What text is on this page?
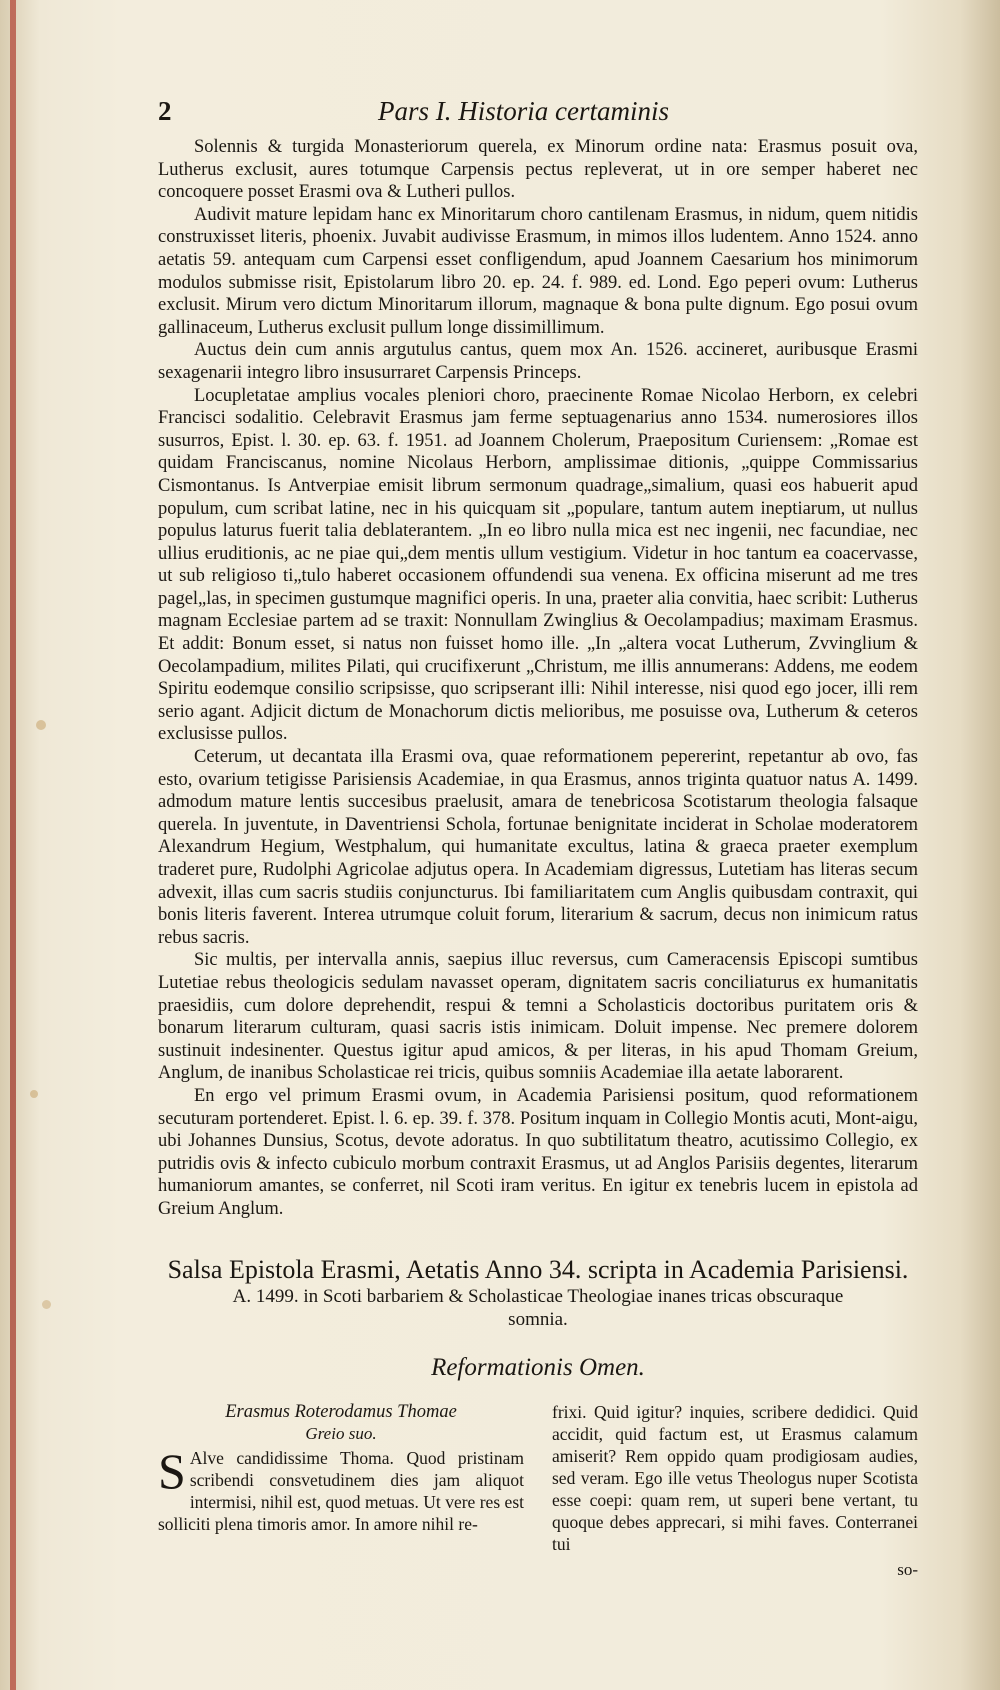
2	Pars I. Historia certaminis

Solennis & turgida Monasteriorum querela, ex Minorum ordine nata: Erasmus posuit ova, Lutherus exclusit, aures totumque Carpensis pectus repleverat, ut in ore semper haberet nec concoquere posset Erasmi ova & Lutheri pullos.

Audivit mature lepidam hanc ex Minoritarum choro cantilenam Erasmus, in nidum, quem nitidis construxisset literis, phoenix. Juvabit audivisse Erasmum, in mimos illos ludentem. Anno 1524. anno aetatis 59. antequam cum Carpensi esset confligendum, apud Joannem Caesarium hos minimorum modulos submisse risit, Epistolarum libro 20. ep. 24. f. 989. ed. Lond. Ego peperi ovum: Lutherus exclusit. Mirum vero dictum Minoritarum illorum, magnaque & bona pulte dignum. Ego posui ovum gallinaceum, Lutherus exclusit pullum longe dissimillimum.

Auctus dein cum annis argutulus cantus, quem mox An. 1526. accineret, auribusque Erasmi sexagenarii integro libro insusurraret Carpensis Princeps.

Locupletatae amplius vocales pleniori choro, praecinente Romae Nicolao Herborn, ex celebri Francisci sodalitio. Celebravit Erasmus jam ferme septuagenarius anno 1534. numerosiores illos susurros, Epist. l. 30. ep. 63. f. 1951. ad Joannem Cholerum, Praepositum Curiensem: „Romae est quidam Franciscanus, nomine Nicolaus Herborn, amplissimae ditionis, „quippe Commissarius Cismontanus. Is Antverpiae emisit librum sermonum quadrage„simalium, quasi eos habuerit apud populum, cum scribat latine, nec in his quicquam sit „populare, tantum autem ineptiarum, ut nullus populus laturus fuerit talia deblaterantem. „In eo libro nulla mica est nec ingenii, nec facundiae, nec ullius eruditionis, ac ne piae qui„dem mentis ullum vestigium. Videtur in hoc tantum ea coacervasse, ut sub religioso ti„tulo haberet occasionem offundendi sua venena. Ex officina miserunt ad me tres pagel„las, in specimen gustumque magnifici operis. In una, praeter alia convitia, haec scribit: Lutherus magnam Ecclesiae partem ad se traxit: Nonnullam Zwinglius & Oecolampadius; maximam Erasmus. Et addit: Bonum esset, si natus non fuisset homo ille. „In „altera vocat Lutherum, Zvvinglium & Oecolampadium, milites Pilati, qui crucifixerunt „Christum, me illis annumerans: Addens, me eodem Spiritu eodemque consilio scripsisse, quo scripserant illi: Nihil interesse, nisi quod ego jocer, illi rem serio agant. Adjicit dictum de Monachorum dictis melioribus, me posuisse ova, Lutherum & ceteros exclusisse pullos.

Ceterum, ut decantata illa Erasmi ova, quae reformationem pepererint, repetantur ab ovo, fas esto, ovarium tetigisse Parisiensis Academiae, in qua Erasmus, annos triginta quatuor natus A. 1499. admodum mature lentis succesibus praelusit, amara de tenebricosa Scotistarum theologia falsaque querela. In juventute, in Daventriensi Schola, fortunae benignitate inciderat in Scholae moderatorem Alexandrum Hegium, Westphalum, qui humanitate excultus, latina & graeca praeter exemplum traderet pure, Rudolphi Agricolae adjutus opera. In Academiam digressus, Lutetiam has literas secum advexit, illas cum sacris studiis conjuncturus. Ibi familiaritatem cum Anglis quibusdam contraxit, qui bonis literis faverent. Interea utrumque coluit forum, literarium & sacrum, decus non inimicum ratus rebus sacris.

Sic multis, per intervalla annis, saepius illuc reversus, cum Cameracensis Episcopi sumtibus Lutetiae rebus theologicis sedulam navasset operam, dignitatem sacris conciliaturus ex humanitatis praesidiis, cum dolore deprehendit, respui & temni a Scholasticis doctoribus puritatem oris & bonarum literarum culturam, quasi sacris istis inimicam. Doluit impense. Nec premere dolorem sustinuit indesinenter. Questus igitur apud amicos, & per literas, in his apud Thomam Greium, Anglum, de inanibus Scholasticae rei tricis, quibus somniis Academiae illa aetate laborarent.

En ergo vel primum Erasmi ovum, in Academia Parisiensi positum, quod reformationem secuturam portenderet. Epist. l. 6. ep. 39. f. 378. Positum inquam in Collegio Montis acuti, Mont-aigu, ubi Johannes Dunsius, Scotus, devote adoratus. In quo subtilitatum theatro, acutissimo Collegio, ex putridis ovis & infecto cubiculo morbum contraxit Erasmus, ut ad Anglos Parisiis degentes, literarum humaniorum amantes, se conferret, nil Scoti iram veritus. En igitur ex tenebris lucem in epistola ad Greium Anglum.

Salsa Epistola Erasmi, Aetatis Anno 34. scripta in Academia Parisiensi.
A. 1499. in Scoti barbariem & Scholasticae Theologiae inanes tricas obscuraque somnia.
Reformationis Omen.
Erasmus Roterodamus Thomae
Greio suo.
S Alve candidissime Thoma. Quod pristinam scribendi consvetudinem dies jam aliquot intermisi, nihil est, quod metuas. Ut vere res est solliciti plena timoris amor. In amore nihil re-
frixi. Quid igitur? inquies, scribere dedidici. Quid accidit, quid factum est, ut Erasmus calamum amiserit? Rem oppido quam prodigiosam audies, sed veram. Ego ille vetus Theologus nuper Scotista esse coepi: quam rem, ut superi bene vertant, tu quoque debes apprecari, si mihi faves. Conterranei tui
so-
